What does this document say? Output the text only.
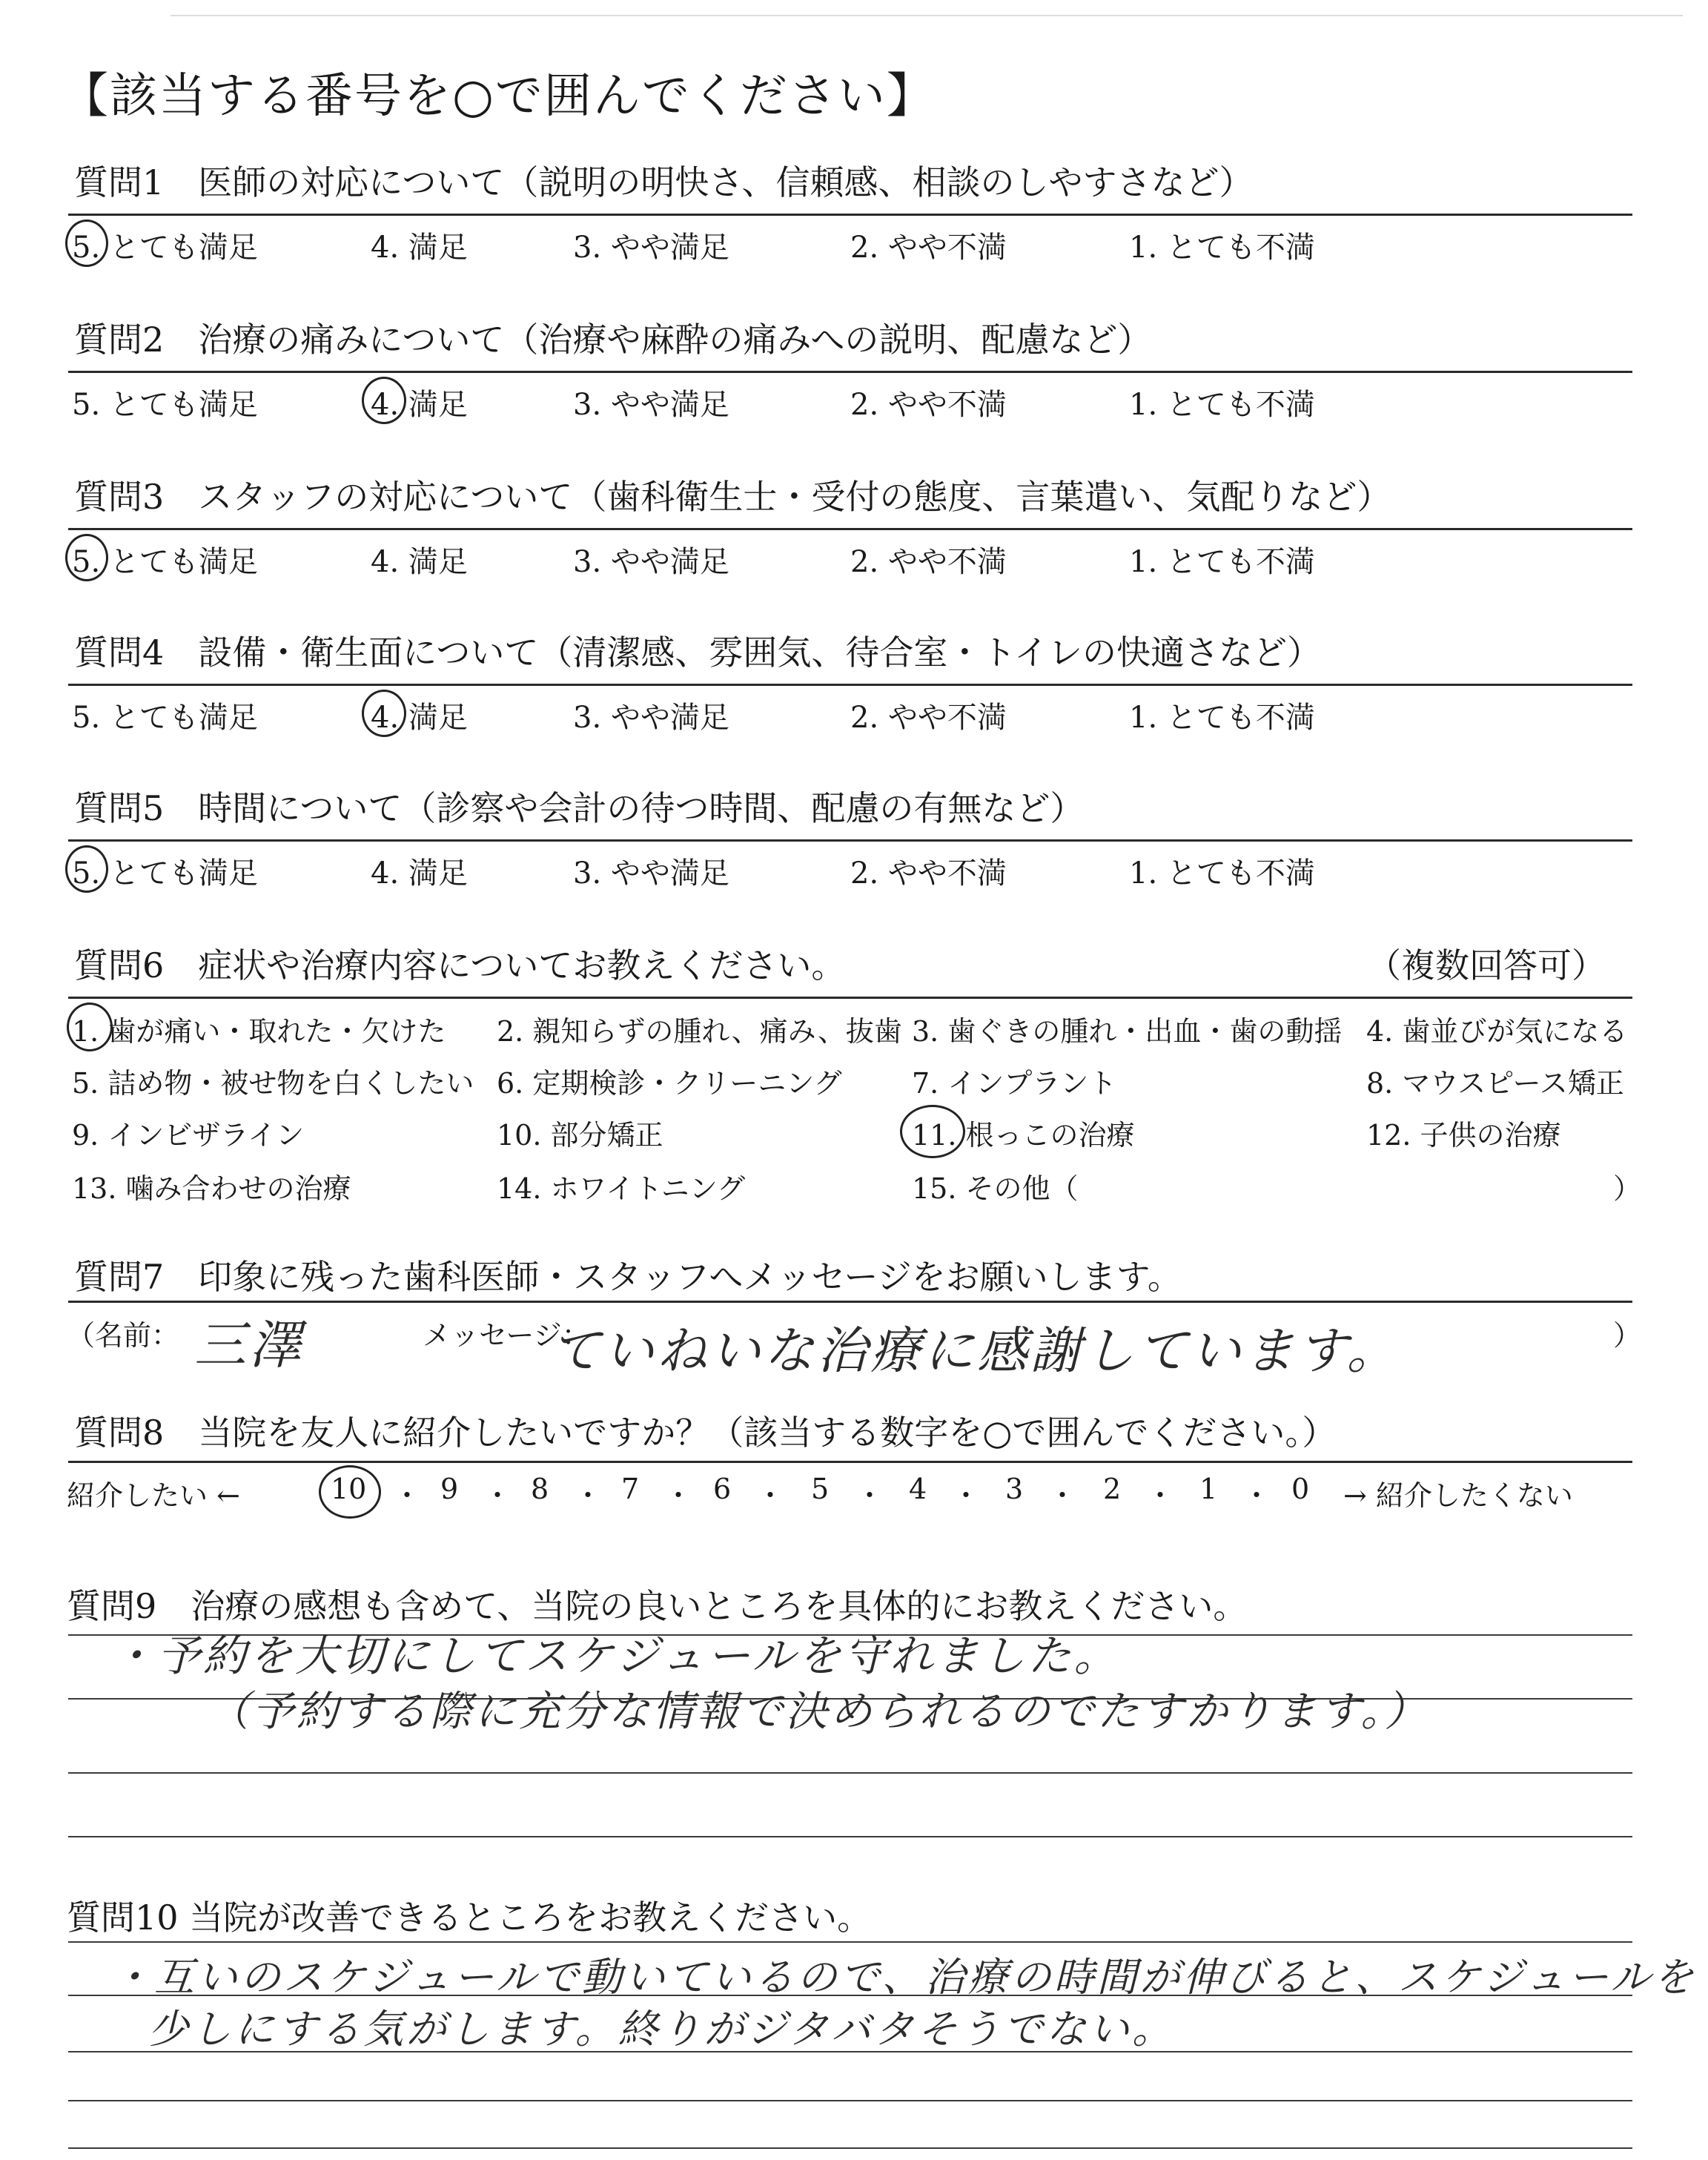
【該当する番号を○で囲んでください】
質問1　医師の対応について（説明の明快さ、信頼感、相談のしやすさなど）
5. とても満足	4. 満足	3. やや満足	2. やや不満	1. とても不満
質問2　治療の痛みについて（治療や麻酔の痛みへの説明、配慮など）
5. とても満足	4. 満足	3. やや満足	2. やや不満	1. とても不満
質問3　スタッフの対応について（歯科衛生士・受付の態度、言葉遣い、気配りなど）
5. とても満足	4. 満足	3. やや満足	2. やや不満	1. とても不満
質問4　設備・衛生面について（清潔感、雰囲気、待合室・トイレの快適さなど）
5. とても満足	4. 満足	3. やや満足	2. やや不満	1. とても不満
質問5　時間について（診察や会計の待つ時間、配慮の有無など）
5. とても満足	4. 満足	3. やや満足	2. やや不満	1. とても不満
質問6　症状や治療内容についてお教えください。	（複数回答可）
1. 歯が痛い・取れた・欠けた 2. 親知らずの腫れ、痛み、抜歯 3. 歯ぐきの腫れ・出血・歯の動揺 4. 歯並びが気になる
5. 詰め物・被せ物を白くしたい 6. 定期検診・クリーニング 7. インプラント	8. マウスピース矯正
9. インビザライン	10. 部分矯正	11. 根っこの治療	12. 子供の治療
13. 噛み合わせの治療	14. ホワイトニング	15. その他（	）
質問7　印象に残った歯科医師・スタッフへメッセージをお願いします。
（名前： 三澤	メッセージ：
ていねいな治療に感謝しています。	）
質問8　当院を友人に紹介したいですか？（該当する数字を○で囲んでください。）
紹介したい ←	10 ・ 9 ・ 8 ・ 7 ・ 6 ・ 5 ・ 4 ・ 3 ・ 2 ・ 1 ・ 0 → 紹介したくない
質問9　治療の感想も含めて、当院の良いところを具体的にお教えください。
・予約を大切にしてスケジュールを守れました。
（予約する際に充分な情報で決められるのでたすかります。）
質問10 当院が改善できるところをお教えください。
・互いのスケジュールで動いているので、治療の時間が伸びると、スケジュールを
少しにする気がします。終りがジタバタそうでない。
